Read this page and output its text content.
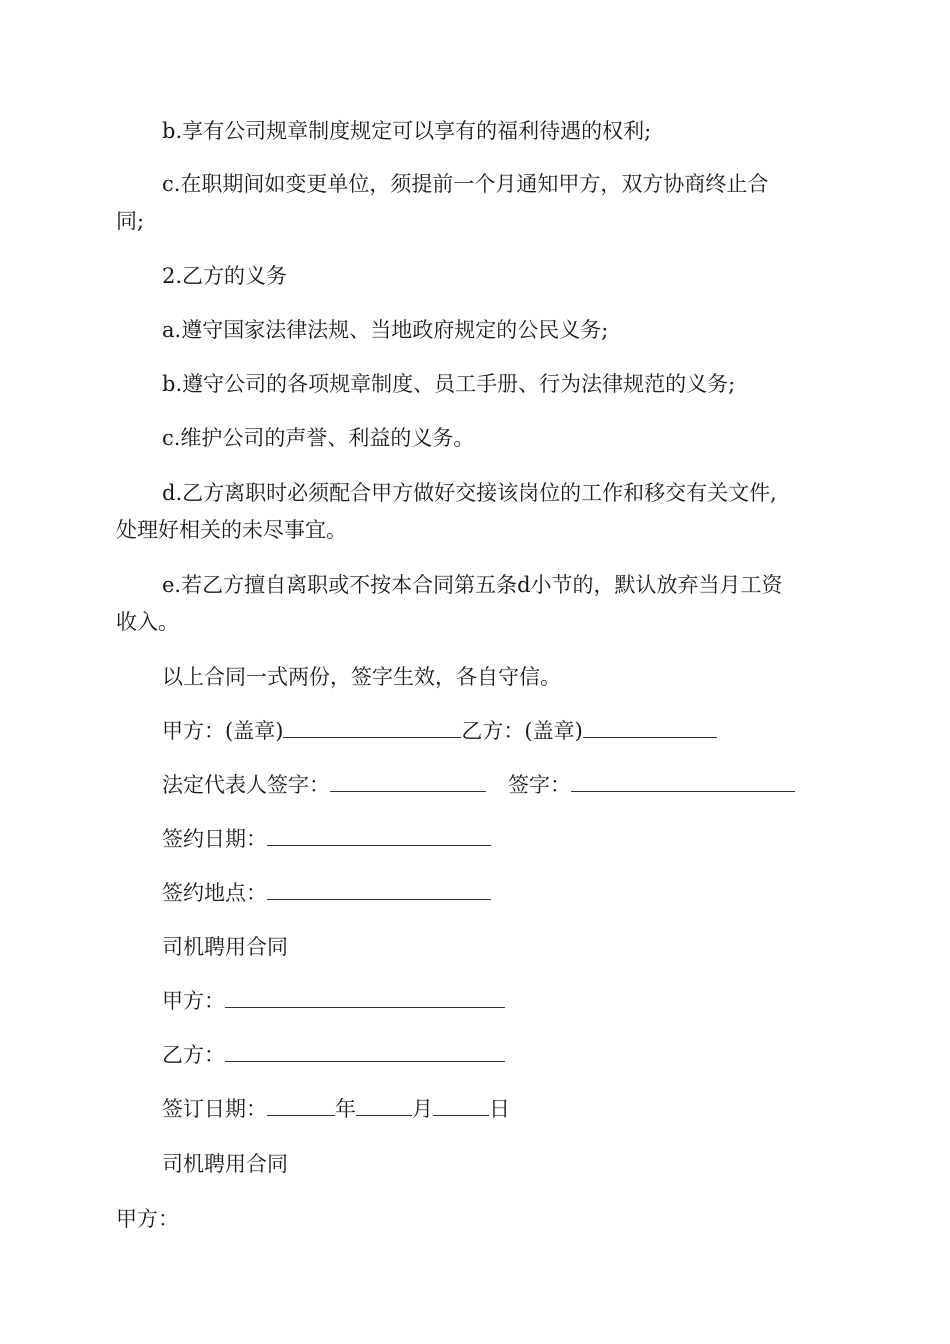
b.享有公司规章制度规定可以享有的福利待遇的权利;
c.在职期间如变更单位，须提前一个月通知甲方，双方协商终止合
同;
2.乙方的义务
a.遵守国家法律法规、当地政府规定的公民义务;
b.遵守公司的各项规章制度、员工手册、行为法律规范的义务;
c.维护公司的声誉、利益的义务。
d.乙方离职时必须配合甲方做好交接该岗位的工作和移交有关文件,
处理好相关的未尽事宜。
e.若乙方擅自离职或不按本合同第五条d小节的，默认放弃当月工资
收入。
以上合同一式两份，签字生效，各自守信。
甲方：(盖章)	乙方：(盖章)
法定代表人签字：	签字：
签约日期：
签约地点：
司机聘用合同
甲方：
乙方：
签订日期：	年	月	日
司机聘用合同
甲方：
